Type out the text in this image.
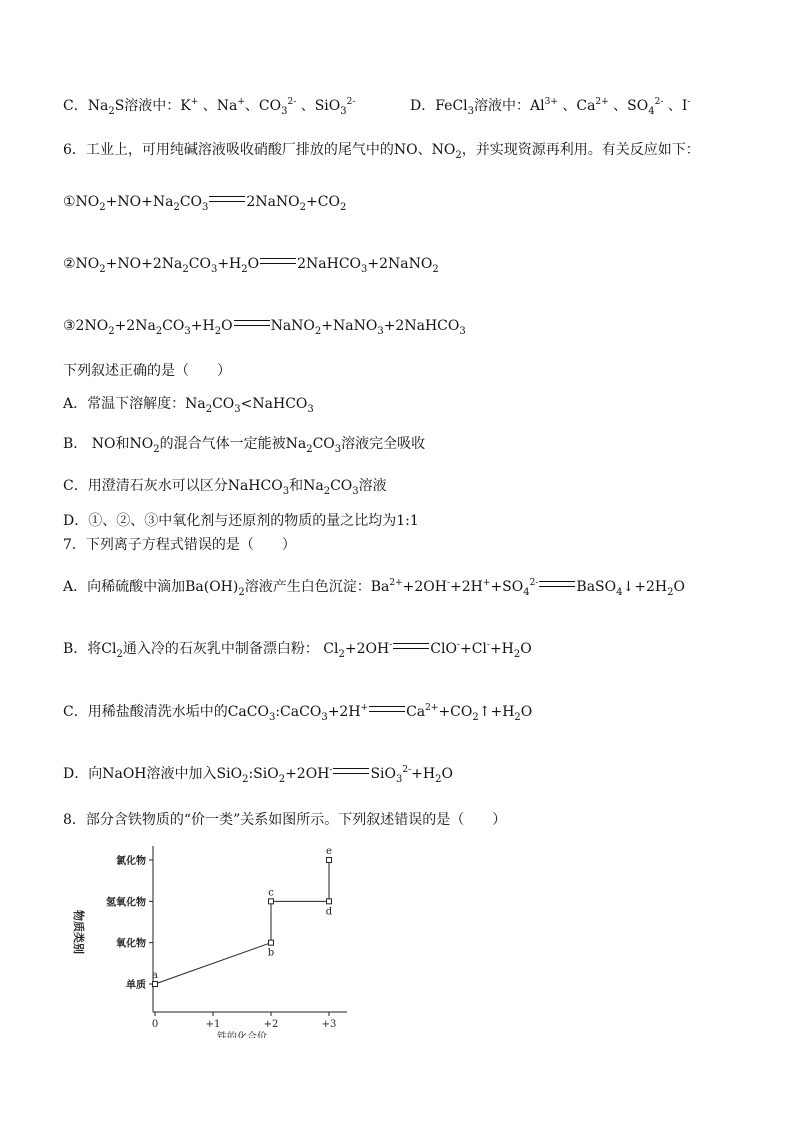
C．$Na_2S$溶液中：K+ 、Na+、$CO_3^{2-}$ 、SiO$_3^{2-}$	D．FeCl$_3$溶液中：$Al^{3+}$ 、$Ca^{2+}$ 、$SO_4^{2-}$ 、I-
6．工业上，可用纯碱溶液吸收硝酸厂排放的尾气中的NO、$NO_2$，并实现资源再利用。有关反应如下：
$①NO_2+NO+Na_2CO_3$	$2NaNO_2+CO_2$
$②NO_2+NO+2Na_2CO_3+H_2O$	2NaHCO$_3$+2NaNO$_2$
$③2NO_2+2Na_2CO_3+H_2O$	NaNO$_2$+NaNO$_3$+2NaHCO$_3$
下列叙述正确的是（　　）
A．常温下溶解度：$Na_2CO_3<NaHCO_3$
B． NO和$NO_2$的混合气体一定能被$Na_2CO_3$溶液完全吸收
C．用澄清石灰水可以区分NaHCO$_3$和$Na_2CO_3$溶液
D．①、②、③中氧化剂与还原剂的物质的量之比均为1:1
7．下列离子方程式错误的是（　　）
A．向稀硫酸中滴加$Ba(OH)_2$溶液产生白色沉淀：$Ba^{2+}+2OH^-+2H^++SO_4^{2-}$	$BaSO_4↓+2H_2O$
B．将$Cl_2$通入冷的石灰乳中制备漂白粉： $Cl_2+2OH^-$	$ClO^-+Cl^-+H_2O$
C．用稀盐酸清洗水垢中的CaCO$_3$:CaCO$_3$+2H+	$Ca^{2+}+CO_2↑+H_2O$
D．向NaOH溶液中加入SiO$_2$:SiO$_2$+2OH-	$SiO_3^{2-}+H_2O$
8．部分含铁物质的“价一类”关系如图所示。下列叙述错误的是（　　）
单质
氧化物
氢氧化物
氯化物
物质类别
0	+1	+2	+3
铁的化合价
a
b
c
d
e
